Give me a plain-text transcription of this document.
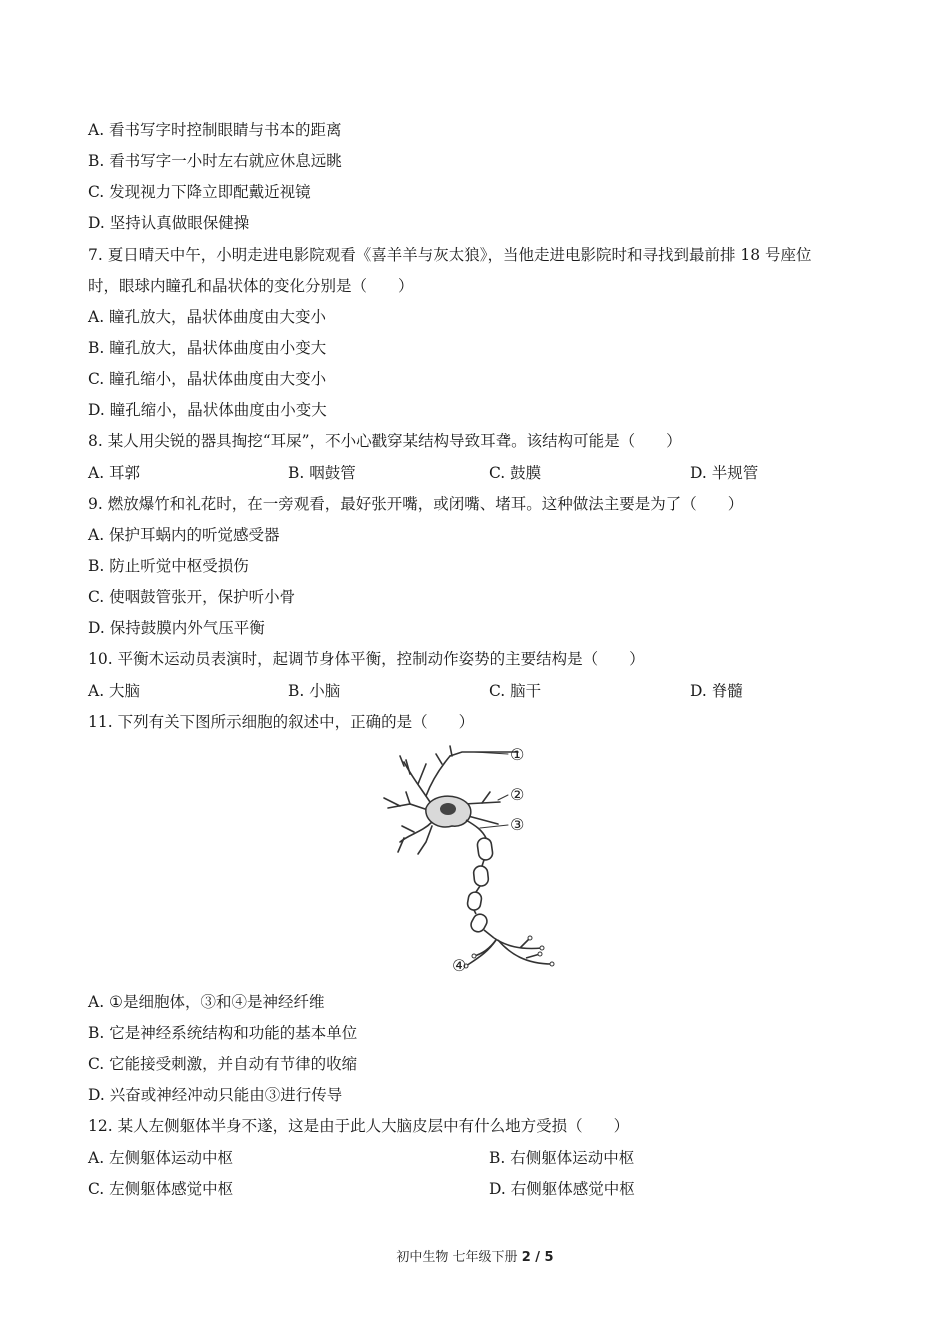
A. 看书写字时控制眼睛与书本的距离
B. 看书写字一小时左右就应休息远眺
C. 发现视力下降立即配戴近视镜
D. 坚持认真做眼保健操
7. 夏日晴天中午，小明走进电影院观看《喜羊羊与灰太狼》，当他走进电影院时和寻找到最前排 18 号座位
时，眼球内瞳孔和晶状体的变化分别是（　　）
A. 瞳孔放大，晶状体曲度由大变小
B. 瞳孔放大，晶状体曲度由小变大
C. 瞳孔缩小，晶状体曲度由大变小
D. 瞳孔缩小，晶状体曲度由小变大
8. 某人用尖锐的器具掏挖“耳屎”，不小心戳穿某结构导致耳聋。该结构可能是（　　）
A. 耳郭	B. 咽鼓管	C. 鼓膜	D. 半规管
9. 燃放爆竹和礼花时，在一旁观看，最好张开嘴，或闭嘴、堵耳。这种做法主要是为了（　　）
A. 保护耳蜗内的听觉感受器
B. 防止听觉中枢受损伤
C. 使咽鼓管张开，保护听小骨
D. 保持鼓膜内外气压平衡
10. 平衡木运动员表演时，起调节身体平衡，控制动作姿势的主要结构是（　　）
A. 大脑	B. 小脑	C. 脑干	D. 脊髓
11. 下列有关下图所示细胞的叙述中，正确的是（　　）
①
②
③
④
A. ①是细胞体，③和④是神经纤维
B. 它是神经系统结构和功能的基本单位
C. 它能接受刺激，并自动有节律的收缩
D. 兴奋或神经冲动只能由③进行传导
12. 某人左侧躯体半身不遂，这是由于此人大脑皮层中有什么地方受损（　　）
A. 左侧躯体运动中枢	B. 右侧躯体运动中枢
C. 左侧躯体感觉中枢	D. 右侧躯体感觉中枢
初中生物 七年级下册 2 / 5
